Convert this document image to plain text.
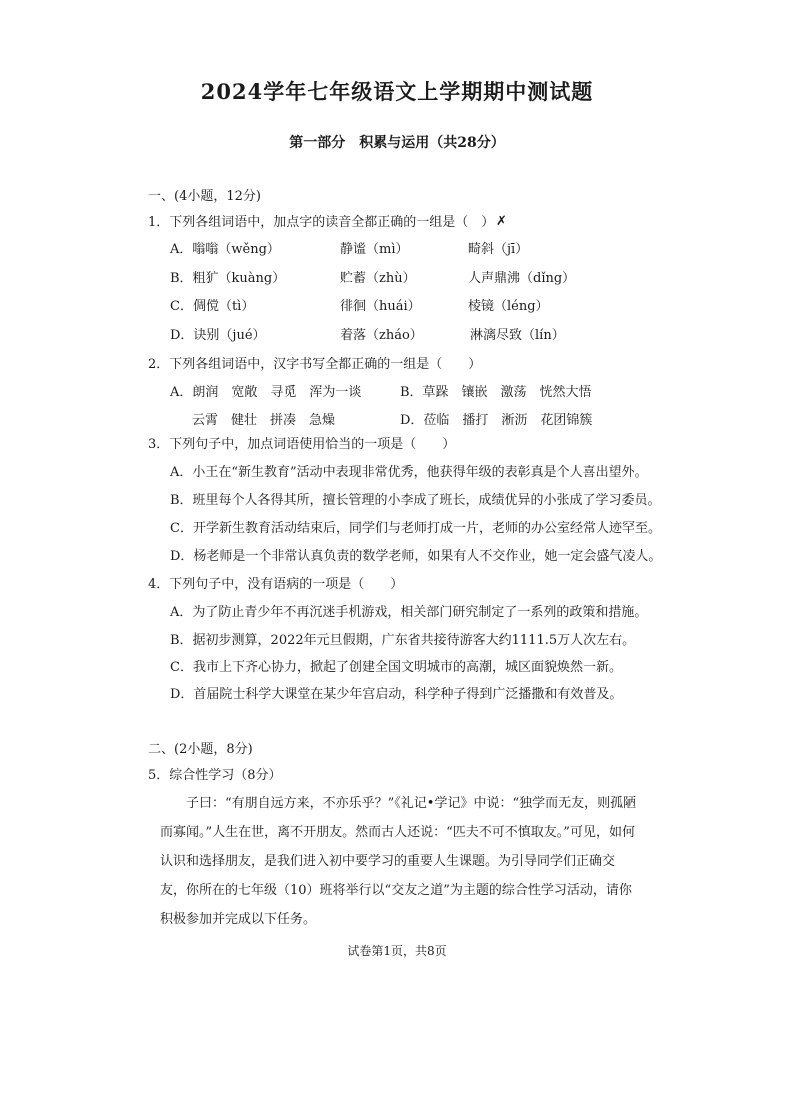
2024学年七年级语文上学期期中测试题
第一部分　积累与运用（共28分）
一、(4小题，12分)
1．下列各组词语中，加点字的读音全都正确的一组是（　） ✗
A．嗡嗡（wěng）	静谧（mì）	畸斜（jī）
B．粗犷（kuàng）	贮蓄（zhù）	人声鼎沸（dǐng）
C．倜傥（tì）	徘徊（huái）	棱镜（léng）
D．诀别（jué）	着落（zháo）	淋漓尽致（lín）
2．下列各组词语中，汉字书写全都正确的一组是（　　）
A．朗润　宽敞　寻觅　浑为一谈	B．草跺　镶嵌　激荡　恍然大悟
云霄　健壮　拼凑　急燥	D．莅临　播打　淅沥　花团锦簇
3．下列句子中，加点词语使用恰当的一项是（　　）
A．小王在“新生教育”活动中表现非常优秀，他获得年级的表彰真是个人喜出望外。
B．班里每个人各得其所，擅长管理的小李成了班长，成绩优异的小张成了学习委员。
C．开学新生教育活动结束后，同学们与老师打成一片，老师的办公室经常人迹罕至。
D．杨老师是一个非常认真负责的数学老师，如果有人不交作业，她一定会盛气凌人。
4．下列句子中，没有语病的一项是（　　）
A．为了防止青少年不再沉迷手机游戏，相关部门研究制定了一系列的政策和措施。
B．据初步测算，2022年元旦假期，广东省共接待游客大约1111.5万人次左右。
C．我市上下齐心协力，掀起了创建全国文明城市的高潮，城区面貌焕然一新。
D．首届院士科学大课堂在某少年宫启动，科学种子得到广泛播撒和有效普及。
二、(2小题，8分)
5．综合性学习（8分）
子曰：“有朋自远方来，不亦乐乎？”《礼记•学记》中说：“独学而无友，则孤陋而寡闻。”人生在世，离不开朋友。然而古人还说：“匹夫不可不慎取友。”可见，如何认识和选择朋友，是我们进入初中要学习的重要人生课题。为引导同学们正确交友，你所在的七年级（10）班将举行以“交友之道”为主题的综合性学习活动，请你积极参加并完成以下任务。
试卷第1页，共8页
